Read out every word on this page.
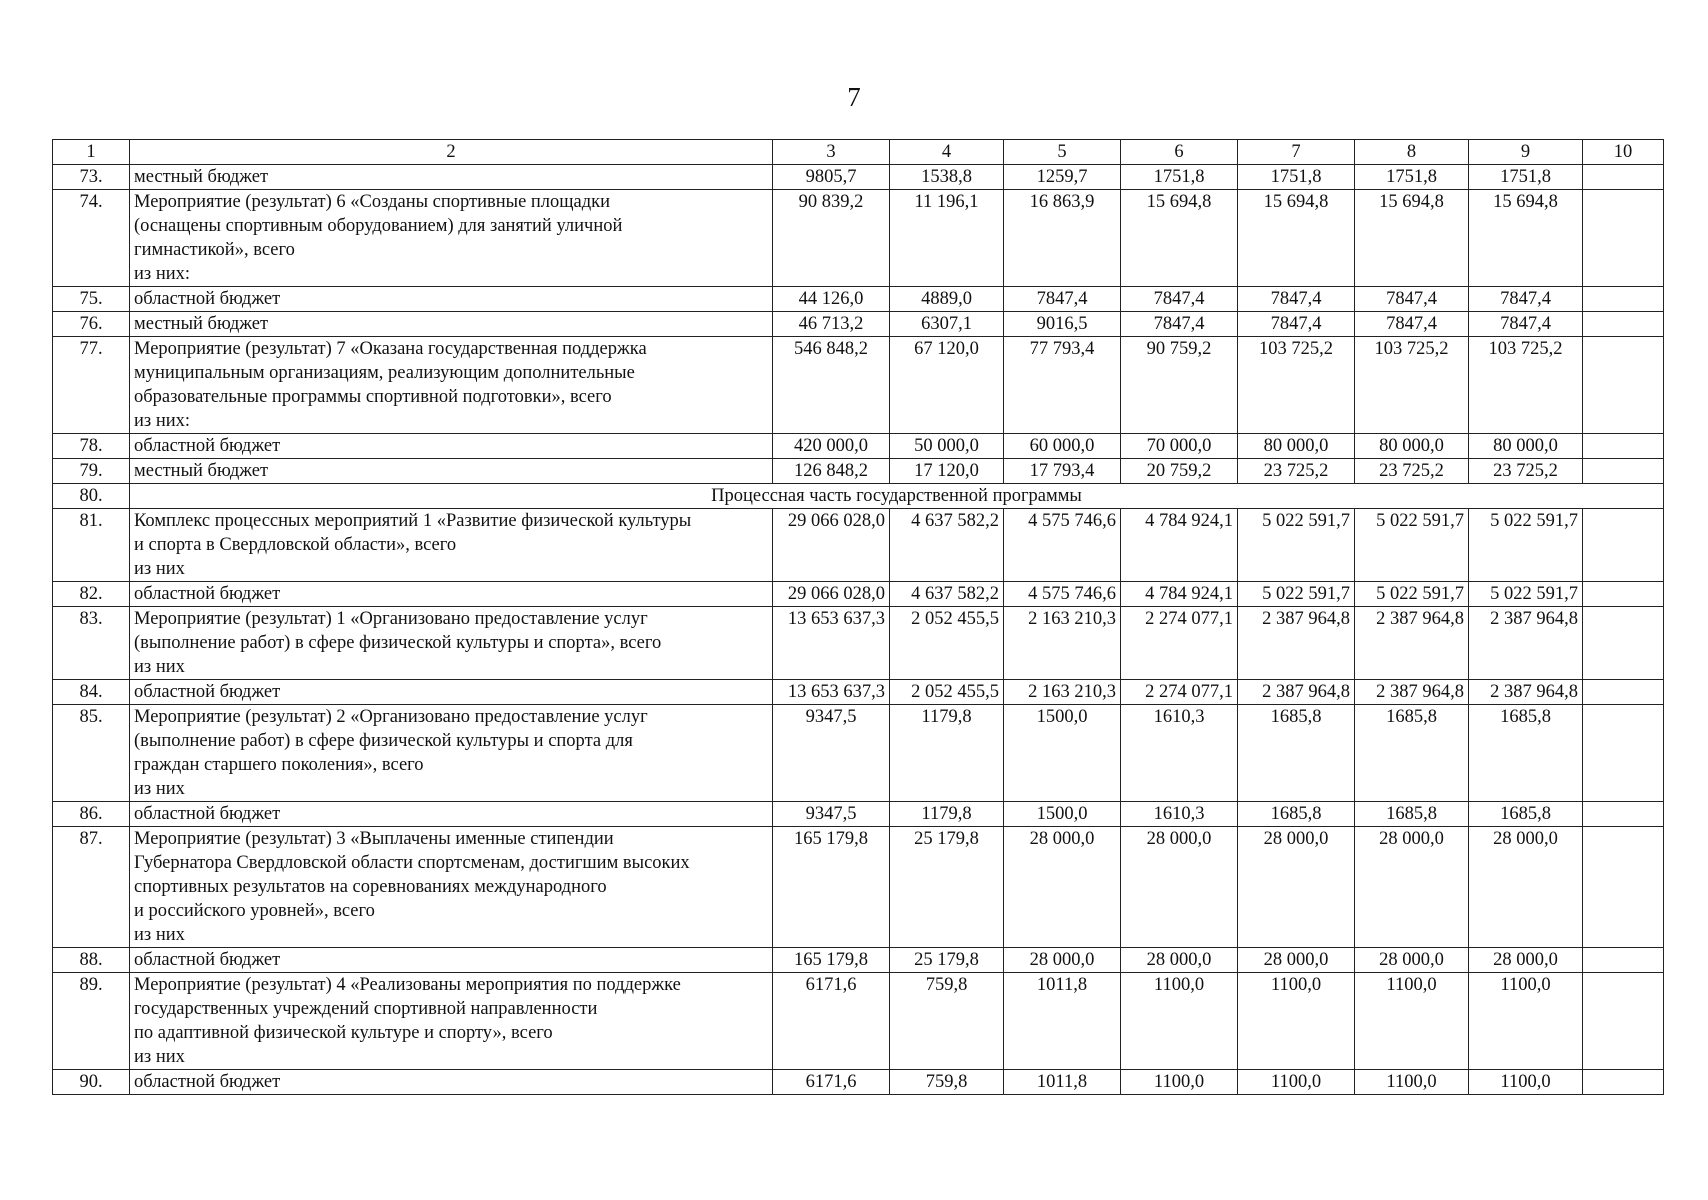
7
1	2	3	4	5	6	7	8	9	10
73.	местный бюджет	9805,7	1538,8	1259,7	1751,8	1751,8	1751,8	1751,8	
74.	Мероприятие (результат) 6 «Созданы спортивные площадки
(оснащены спортивным оборудованием) для занятий уличной
гимнастикой», всего
из них:	90 839,2	11 196,1	16 863,9	15 694,8	15 694,8	15 694,8	15 694,8	
75.	областной бюджет	44 126,0	4889,0	7847,4	7847,4	7847,4	7847,4	7847,4	
76.	местный бюджет	46 713,2	6307,1	9016,5	7847,4	7847,4	7847,4	7847,4	
77.	Мероприятие (результат) 7 «Оказана государственная поддержка
муниципальным организациям, реализующим дополнительные
образовательные программы спортивной подготовки», всего
из них:	546 848,2	67 120,0	77 793,4	90 759,2	103 725,2	103 725,2	103 725,2	
78.	областной бюджет	420 000,0	50 000,0	60 000,0	70 000,0	80 000,0	80 000,0	80 000,0	
79.	местный бюджет	126 848,2	17 120,0	17 793,4	20 759,2	23 725,2	23 725,2	23 725,2	
80.	Процессная часть государственной программы								
81.	Комплекс процессных мероприятий 1 «Развитие физической культуры
и спорта в Свердловской области», всего
из них	29 066 028,0	4 637 582,2	4 575 746,6	4 784 924,1	5 022 591,7	5 022 591,7	5 022 591,7	
82.	областной бюджет	29 066 028,0	4 637 582,2	4 575 746,6	4 784 924,1	5 022 591,7	5 022 591,7	5 022 591,7	
83.	Мероприятие (результат) 1 «Организовано предоставление услуг
(выполнение работ) в сфере физической культуры и спорта», всего
из них	13 653 637,3	2 052 455,5	2 163 210,3	2 274 077,1	2 387 964,8	2 387 964,8	2 387 964,8	
84.	областной бюджет	13 653 637,3	2 052 455,5	2 163 210,3	2 274 077,1	2 387 964,8	2 387 964,8	2 387 964,8	
85.	Мероприятие (результат) 2 «Организовано предоставление услуг
(выполнение работ) в сфере физической культуры и спорта для
граждан старшего поколения», всего
из них	9347,5	1179,8	1500,0	1610,3	1685,8	1685,8	1685,8	
86.	областной бюджет	9347,5	1179,8	1500,0	1610,3	1685,8	1685,8	1685,8	
87.	Мероприятие (результат) 3 «Выплачены именные стипендии
Губернатора Свердловской области спортсменам, достигшим высоких
спортивных результатов на соревнованиях международного
и российского уровней», всего
из них	165 179,8	25 179,8	28 000,0	28 000,0	28 000,0	28 000,0	28 000,0	
88.	областной бюджет	165 179,8	25 179,8	28 000,0	28 000,0	28 000,0	28 000,0	28 000,0	
89.	Мероприятие (результат) 4 «Реализованы мероприятия по поддержке
государственных учреждений спортивной направленности
по адаптивной физической культуре и спорту», всего
из них	6171,6	759,8	1011,8	1100,0	1100,0	1100,0	1100,0	
90.	областной бюджет	6171,6	759,8	1011,8	1100,0	1100,0	1100,0	1100,0	
